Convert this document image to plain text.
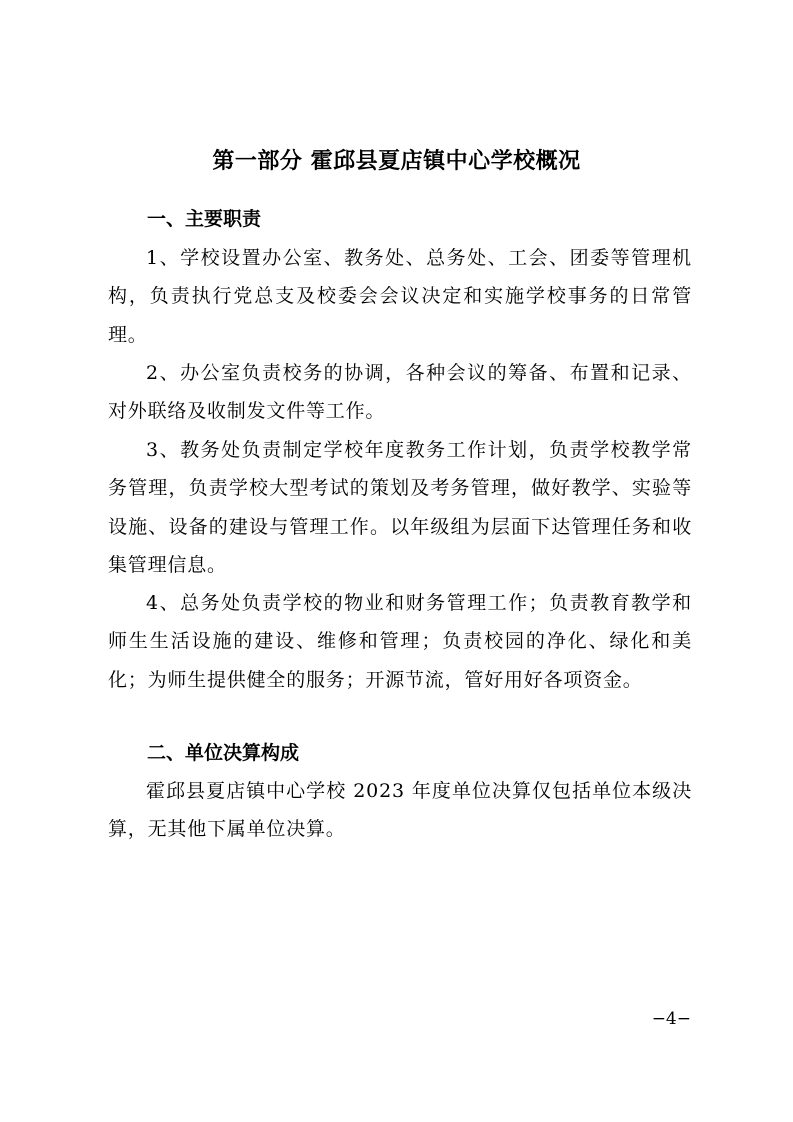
第一部分 霍邱县夏店镇中心学校概况
一、主要职责

1、学校设置办公室、教务处、总务处、工会、团委等管理机构，负责执行党总支及校委会会议决定和实施学校事务的日常管理。

2、办公室负责校务的协调，各种会议的筹备、布置和记录、对外联络及收制发文件等工作。

3、教务处负责制定学校年度教务工作计划，负责学校教学常务管理，负责学校大型考试的策划及考务管理，做好教学、实验等设施、设备的建设与管理工作。以年级组为层面下达管理任务和收集管理信息。

4、总务处负责学校的物业和财务管理工作；负责教育教学和师生生活设施的建设、维修和管理；负责校园的净化、绿化和美化；为师生提供健全的服务；开源节流，管好用好各项资金。

二、单位决算构成

霍邱县夏店镇中心学校 2023 年度单位决算仅包括单位本级决算，无其他下属单位决算。

−4−
